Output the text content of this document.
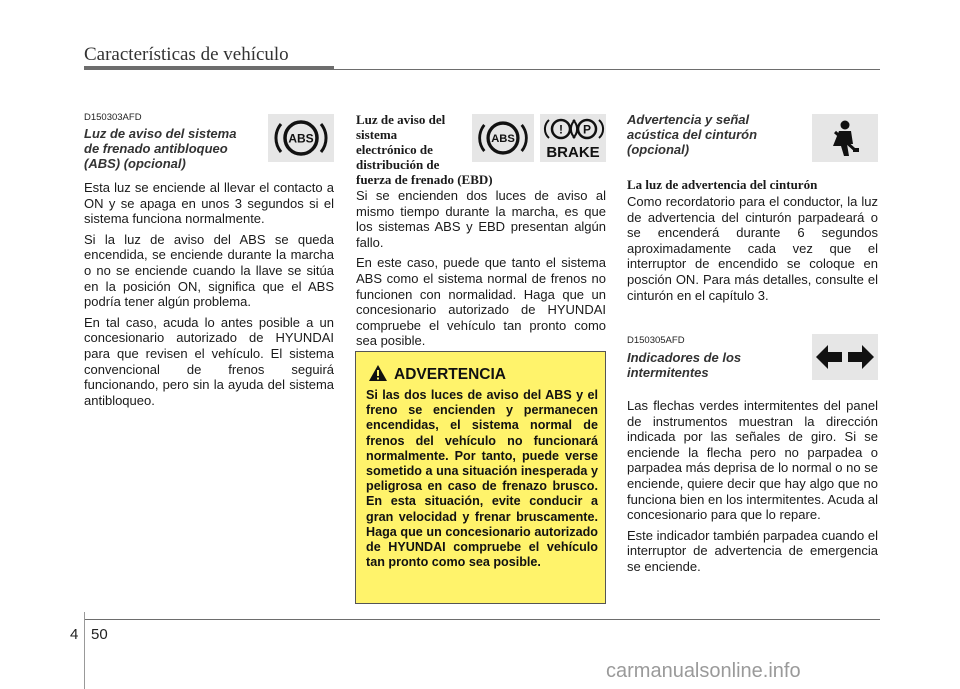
Características de vehículo
D150303AFD
Luz de aviso del sistema
de frenado antibloqueo
(ABS) (opcional)
ABS

Esta luz se enciende al llevar el contacto a ON y se apaga en unos 3 segundos si el sistema funciona normalmente.

Si la luz de aviso del ABS se queda encendida, se enciende durante la marcha o no se enciende cuando la llave se sitúa en la posición ON, significa que el ABS podría tener algún problema.

En tal caso, acuda lo antes posible a un concesionario autorizado de HYUNDAI para que revisen el vehículo. El sistema convencional de frenos seguirá funcionando, pero sin la ayuda del sistema antibloqueo.

Luz de aviso del
sistema
electrónico de
distribución de
fuerza de frenado (EBD)
ABS
! P
BRAKE

Si se encienden dos luces de aviso al mismo tiempo durante la marcha, es que los sistemas ABS y EBD presentan algún fallo.

En este caso, puede que tanto el sistema ABS como el sistema normal de frenos no funcionen con normalidad. Haga que un concesionario autorizado de HYUNDAI compruebe el vehículo tan pronto como sea posible.

ADVERTENCIA
Si las dos luces de aviso del ABS y el freno se encienden y permanecen encendidas, el sistema normal de frenos del vehículo no funcionará normalmente. Por tanto, puede verse sometido a una situación inesperada y peligrosa en caso de frenazo brusco. En esta situación, evite conducir a gran velocidad y frenar bruscamente. Haga que un concesionario autorizado de HYUNDAI compruebe el vehículo tan pronto como sea posible.
Advertencia y señal
acústica del cinturón
(opcional)
La luz de advertencia del cinturón

Como recordatorio para el conductor, la luz de advertencia del cinturón parpadeará o se encenderá durante 6 segundos aproximadamente cada vez que el interruptor de encendido se coloque en posción ON. Para más detalles, consulte el cinturón en el capítulo 3.

D150305AFD
Indicadores de los
intermitentes

Las flechas verdes intermitentes del panel de instrumentos muestran la dirección indicada por las señales de giro. Si se enciende la flecha pero no parpadea o parpadea más deprisa de lo normal o no se enciende, quiere decir que hay algo que no funciona bien en los intermitentes. Acuda al concesionario para que lo repare.

Este indicador también parpadea cuando el interruptor de advertencia de emergencia se enciende.

4 50
carmanualsonline.info
